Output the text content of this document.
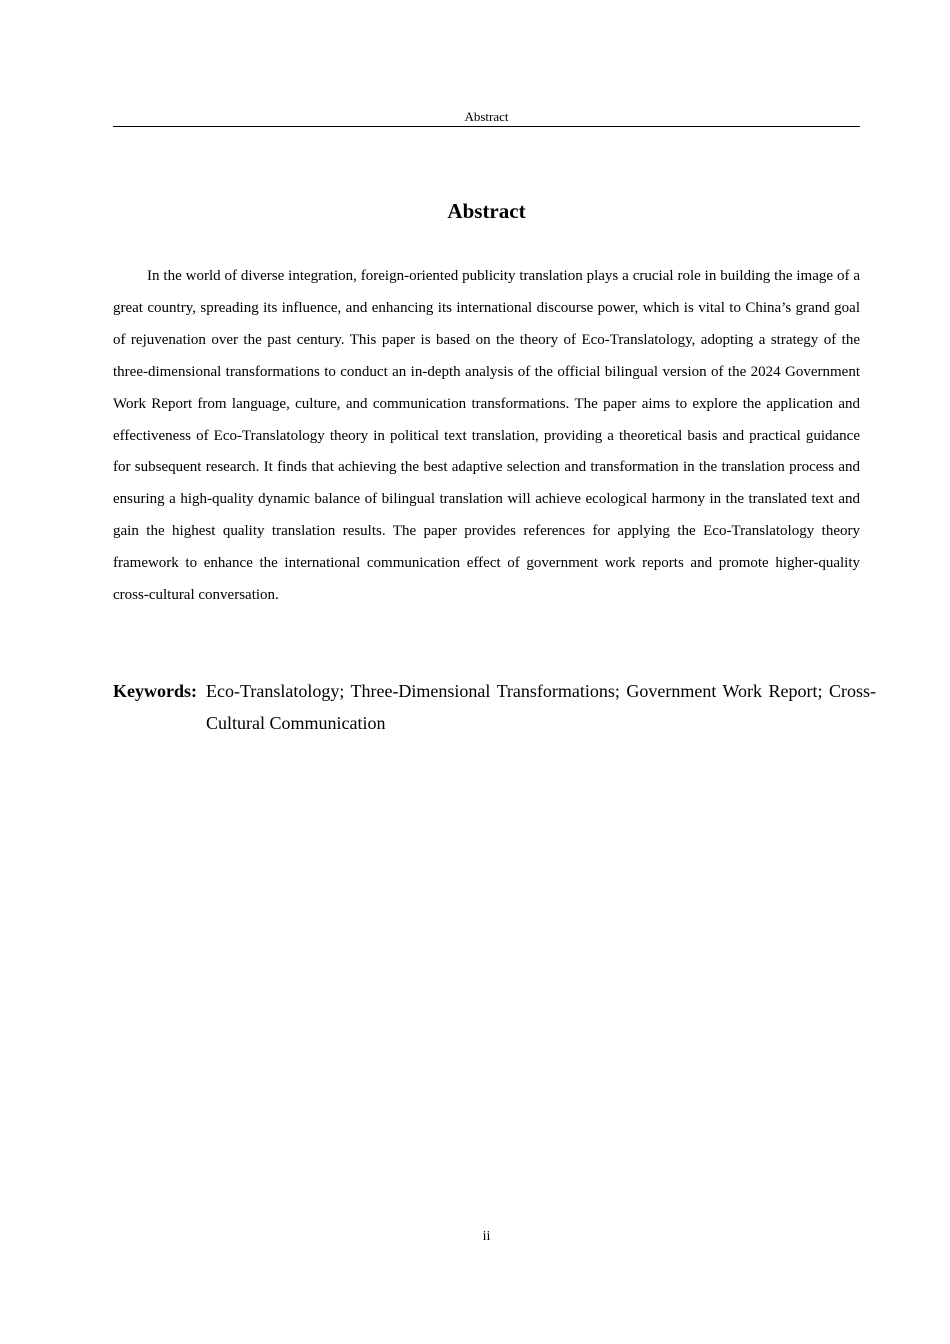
Abstract
Abstract

In the world of diverse integration, foreign-oriented publicity translation plays a crucial role in building the image of a great country, spreading its influence, and enhancing its international discourse power, which is vital to China’s grand goal of rejuvenation over the past century. This paper is based on the theory of Eco-Translatology, adopting a strategy of the three-dimensional transformations to conduct an in-depth analysis of the official bilingual version of the 2024 Government Work Report from language, culture, and communication transformations. The paper aims to explore the application and effectiveness of Eco-Translatology theory in political text translation, providing a theoretical basis and practical guidance for subsequent research. It finds that achieving the best adaptive selection and transformation in the translation process and ensuring a high-quality dynamic balance of bilingual translation will achieve ecological harmony in the translated text and gain the highest quality translation results. The paper provides references for applying the Eco-Translatology theory framework to enhance the international communication effect of government work reports and promote higher-quality cross-cultural conversation.

Keywords: Eco-Translatology; Three-Dimensional Transformations; Government Work Report; Cross-Cultural Communication
ii
